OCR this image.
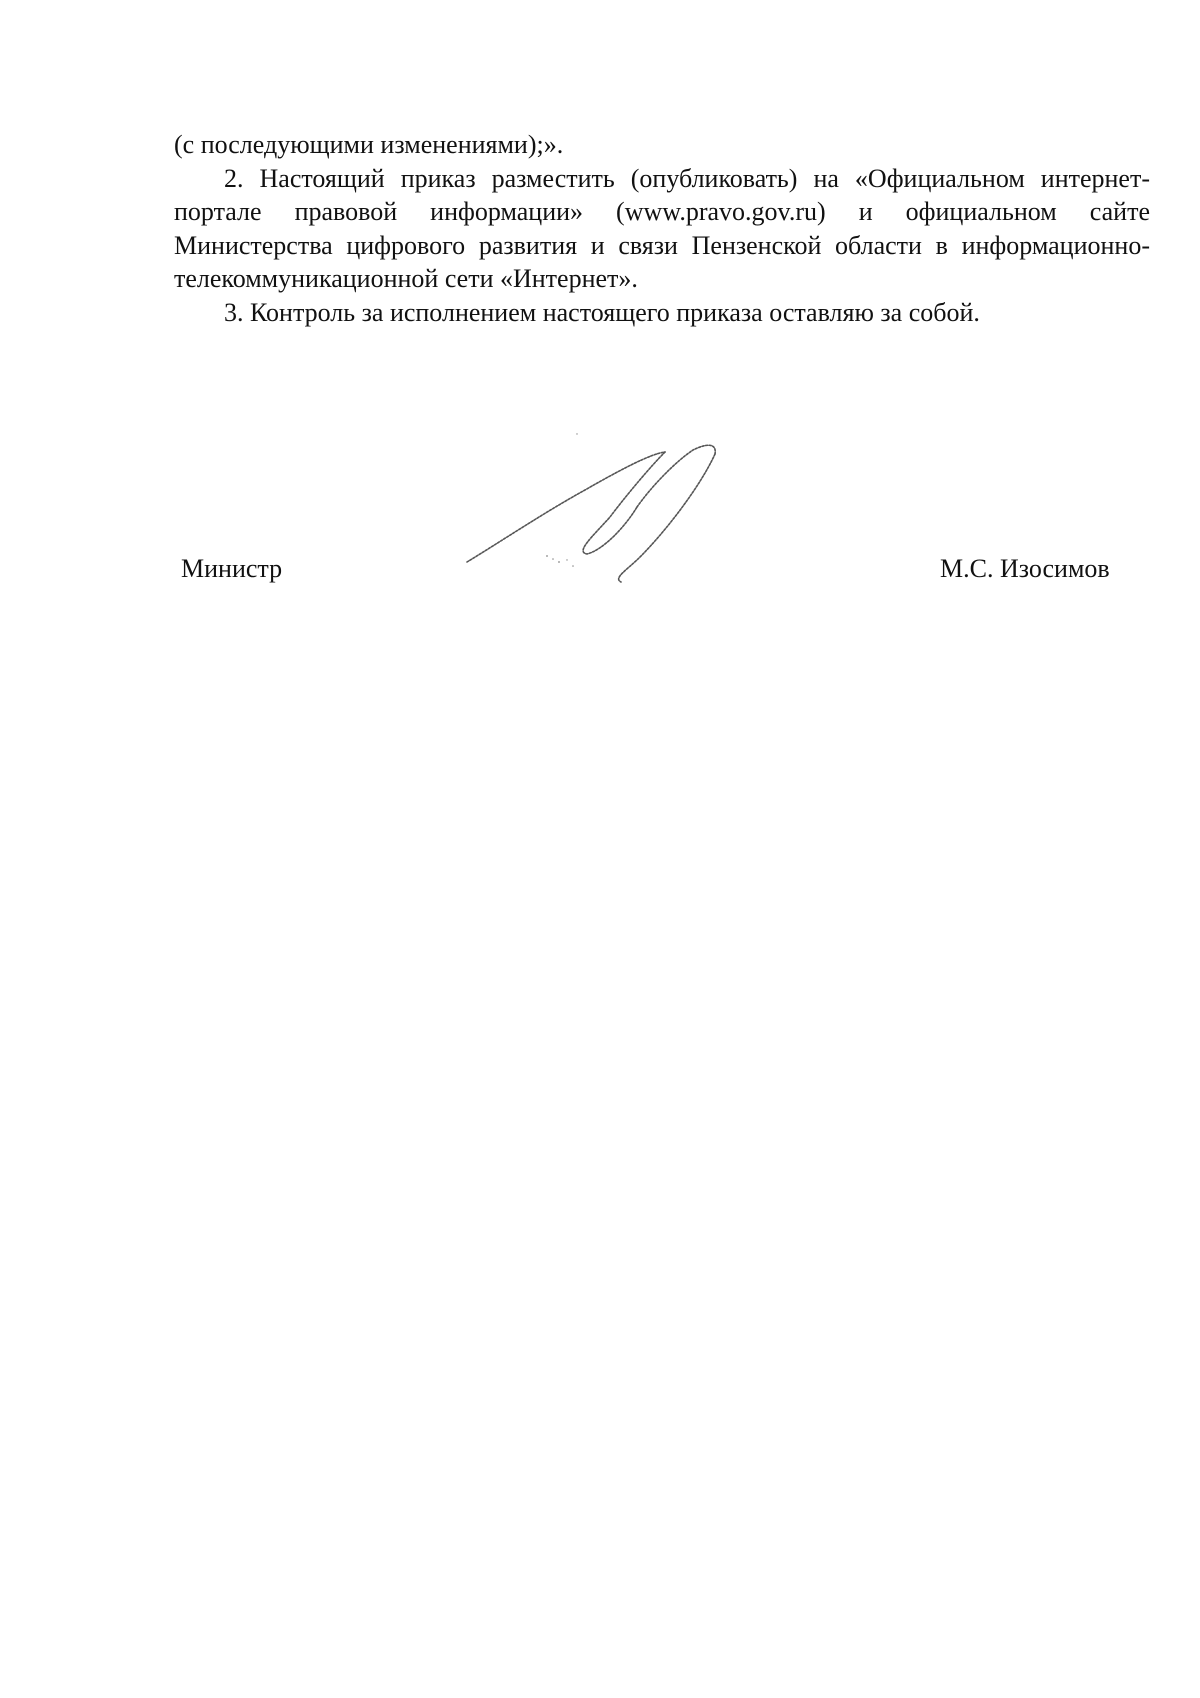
(с последующими изменениями);».

2. Настоящий приказ разместить (опубликовать) на «Официальном интернет-портале правовой информации» (www.pravo.gov.ru) и официальном сайте Министерства цифрового развития и связи Пензенской области в информационно-телекоммуникационной сети «Интернет».

3. Контроль за исполнением настоящего приказа оставляю за собой.

Министр	М.С. Изосимов
